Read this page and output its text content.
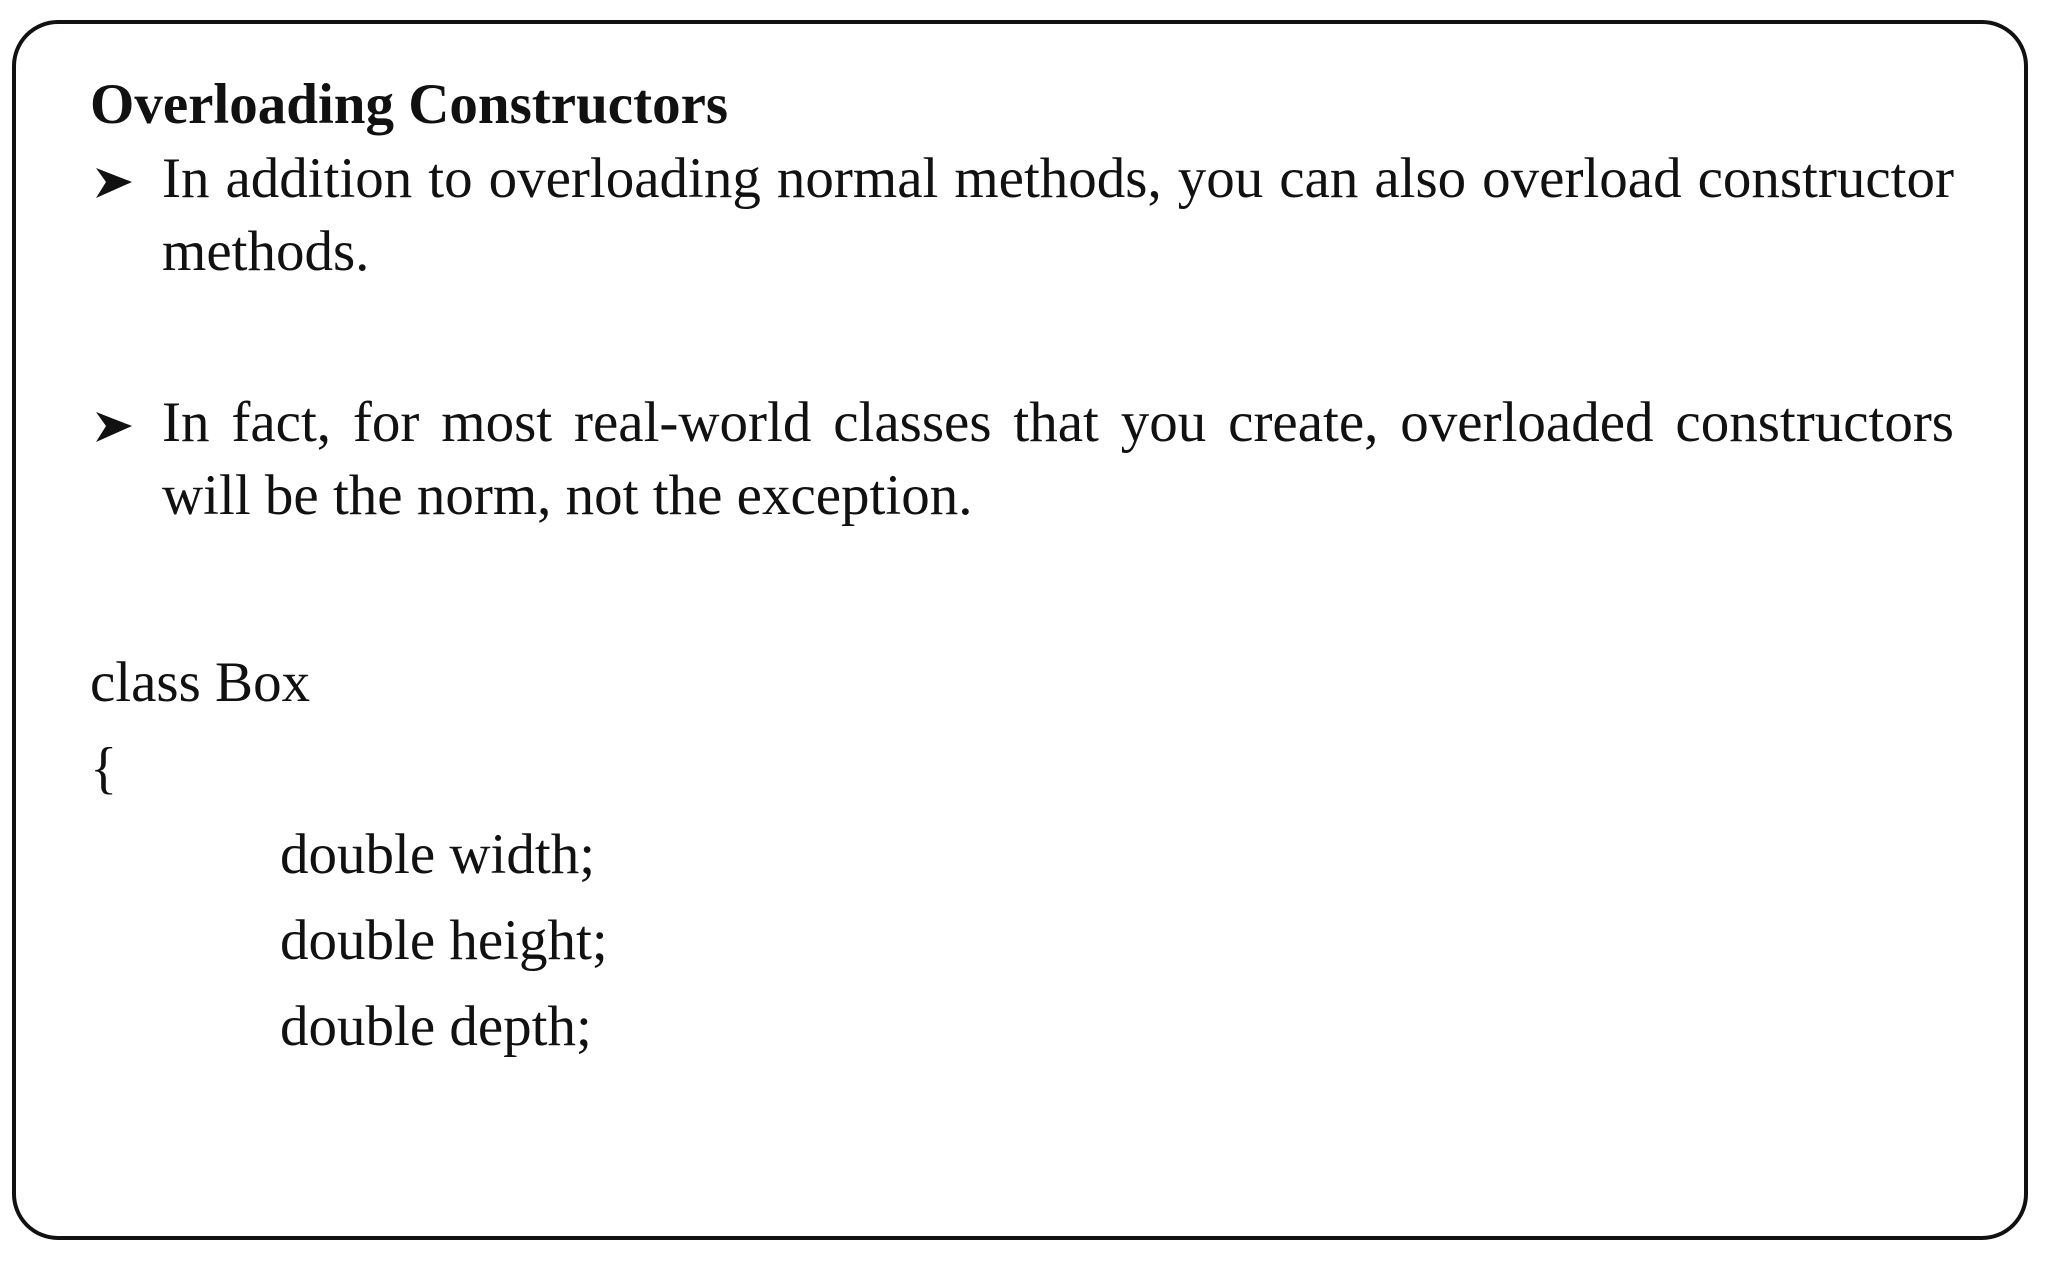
Overloading Constructors
In addition to overloading normal methods, you can also overload constructor methods.
In fact, for most real-world classes that you create, overloaded constructors will be the norm, not the exception.
class Box
{
double width;
double height;
double depth;
